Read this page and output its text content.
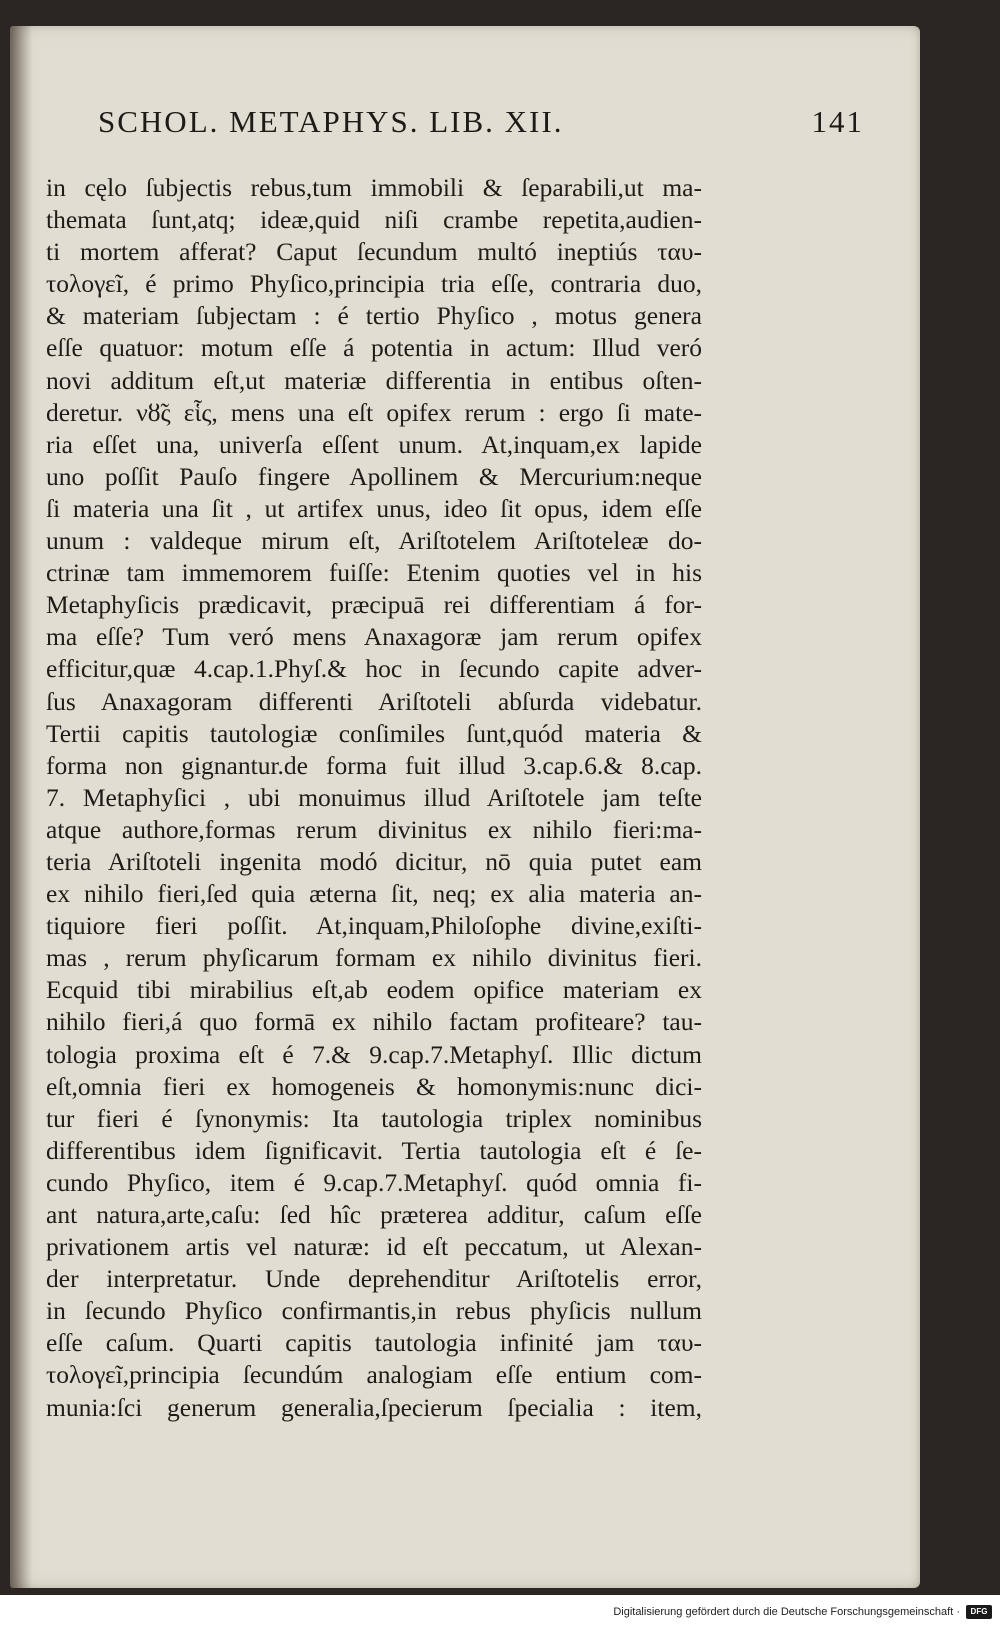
SCHOL. METAPHYS. LIB. XII.	141
in cęlo ſubjectis rebus,tum immobili & ſeparabili,ut ma-
thematа ſunt,atq; ideæ,quid niſi crambe repetita,audien-
ti mortem afferat? Caput ſecundum multó ineptiús ταυ-
τολογεĩ, é primo Phyſico,principia tria eſſe, contraria duo,
& materiam ſubjectam : é tertio Phyſico , motus genera
eſſe quatuor: motum eſſe á potentia in actum: Illud veró
novi additum eſt,ut materiæ differentia in entibus oſten-
deretur. νȣ̃ς εἷς, mens una eſt opifex rerum : ergo ſi mate-
ria eſſet una, univerſa eſſent unum. At,inquam,ex lapide
uno poſſit Pauſo fingere Apollinem & Mercurium:neque
ſi materia una ſit , ut artifex unus, ideo ſit opus, idem eſſe
unum : valdeque mirum eſt, Ariſtotelem Ariſtoteleæ do-
ctrinæ tam immemorem fuiſſe: Etenim quoties vel in his
Metaphyſicis prædicavit, præcipuā rei differentiam á for-
ma eſſe? Tum veró mens Anaxagoræ jam rerum opifex
efficitur,quæ 4.cap.1.Phyſ.& hoc in ſecundo capite adver-
ſus Anaxagoram differenti Ariſtoteli abſurda videbatur.
Tertii capitis tautologiæ conſimiles ſunt,quód materia &
forma non gignantur.de forma fuit illud 3.cap.6.& 8.cap.
7. Metaphyſici , ubi monuimus illud Ariſtotele jam teſte
atque authore,formas rerum divinitus ex nihilo fieri:ma-
teria Ariſtoteli ingenita modó dicitur, nō quia putet eam
ex nihilo fieri,ſed quia æterna ſit, neq; ex alia materia an-
tiquiore fieri poſſit. At,inquam,Philoſophe divine,exiſti-
mas , rerum phyſicarum formam ex nihilo divinitus fieri.
Ecquid tibi mirabilius eſt,ab eodem opifice materiam ex
nihilo fieri,á quo formā ex nihilo factam profiteare? tau-
tologia proxima eſt é 7.& 9.cap.7.Metaphyſ. Illic dictum
eſt,omnia fieri ex homogeneis & homonymis:nunc dici-
tur fieri é ſynonymis: Ita tautologia triplex nominibus
differentibus idem ſignificavit. Tertia tautologia eſt é ſe-
cundo Phyſico, item é 9.cap.7.Metaphyſ. quód omnia fi-
ant natura,arte,caſu: ſed hîc præterea additur, caſum eſſe
privationem artis vel naturæ: id eſt peccatum, ut Alexan-
der interpretatur. Unde deprehenditur Ariſtotelis error,
in ſecundo Phyſico confirmantis,in rebus phyſicis nullum
eſſe caſum. Quarti capitis tautologia infinité jam ταυ-
τολογεĩ,principia ſecundúm analogiam eſſe entium com-
munia:ſci generum generalia,ſpecierum ſpecialia : item,
Digitalisierung gefördert durch die Deutsche Forschungsgemeinschaft ·	DFG
